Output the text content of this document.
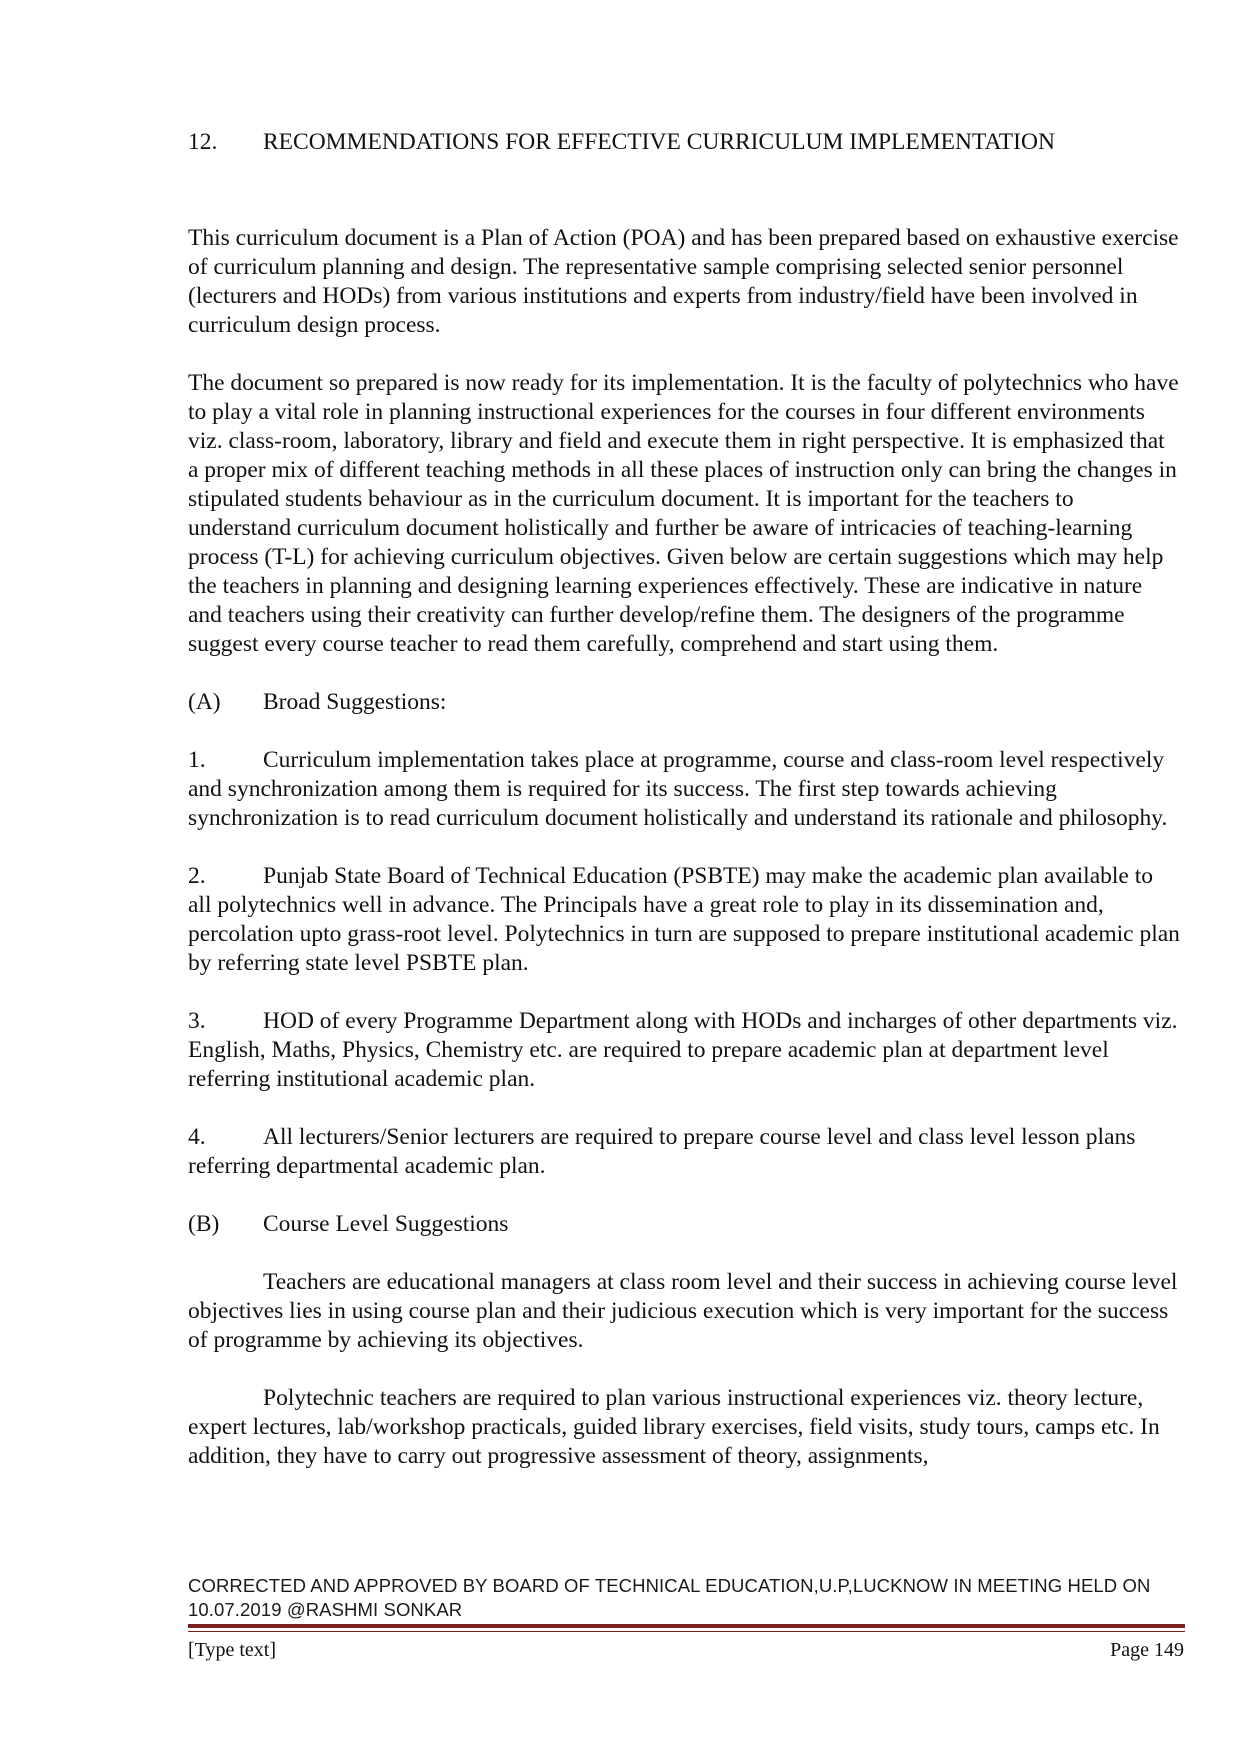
12.	RECOMMENDATIONS FOR EFFECTIVE CURRICULUM IMPLEMENTATION

This curriculum document is a Plan of Action (POA) and has been prepared based on exhaustive exercise of curriculum planning and design. The representative sample comprising selected senior personnel (lecturers and HODs) from various institutions and experts from industry/field have been involved in curriculum design process.

The document so prepared is now ready for its implementation. It is the faculty of polytechnics who have to play a vital role in planning instructional experiences for the courses in four different environments viz. class-room, laboratory, library and field and execute them in right perspective. It is emphasized that a proper mix of different teaching methods in all these places of instruction only can bring the changes in stipulated students behaviour as in the curriculum document. It is important for the teachers to understand curriculum document holistically and further be aware of intricacies of teaching-learning process (T-L) for achieving curriculum objectives. Given below are certain suggestions which may help the teachers in planning and designing learning experiences effectively. These are indicative in nature and teachers using their creativity can further develop/refine them. The designers of the programme suggest every course teacher to read them carefully, comprehend and start using them.

(A)	Broad Suggestions:

1. Curriculum implementation takes place at programme, course and class-room level respectively and synchronization among them is required for its success. The first step towards achieving synchronization is to read curriculum document holistically and understand its rationale and philosophy.

2. Punjab State Board of Technical Education (PSBTE) may make the academic plan available to all polytechnics well in advance. The Principals have a great role to play in its dissemination and, percolation upto grass-root level. Polytechnics in turn are supposed to prepare institutional academic plan by referring state level PSBTE plan.

3. HOD of every Programme Department along with HODs and incharges of other departments viz. English, Maths, Physics, Chemistry etc. are required to prepare academic plan at department level referring institutional academic plan.

4. All lecturers/Senior lecturers are required to prepare course level and class level lesson plans referring departmental academic plan.

(B)	Course Level Suggestions

Teachers are educational managers at class room level and their success in achieving course level objectives lies in using course plan and their judicious execution which is very important for the success of programme by achieving its objectives.

Polytechnic teachers are required to plan various instructional experiences viz. theory lecture, expert lectures, lab/workshop practicals, guided library exercises, field visits, study tours, camps etc. In addition, they have to carry out progressive assessment of theory, assignments,

CORRECTED AND APPROVED BY BOARD OF TECHNICAL EDUCATION,U.P,LUCKNOW IN MEETING HELD ON 10.07.2019 @RASHMI SONKAR
[Type text]	Page 149
